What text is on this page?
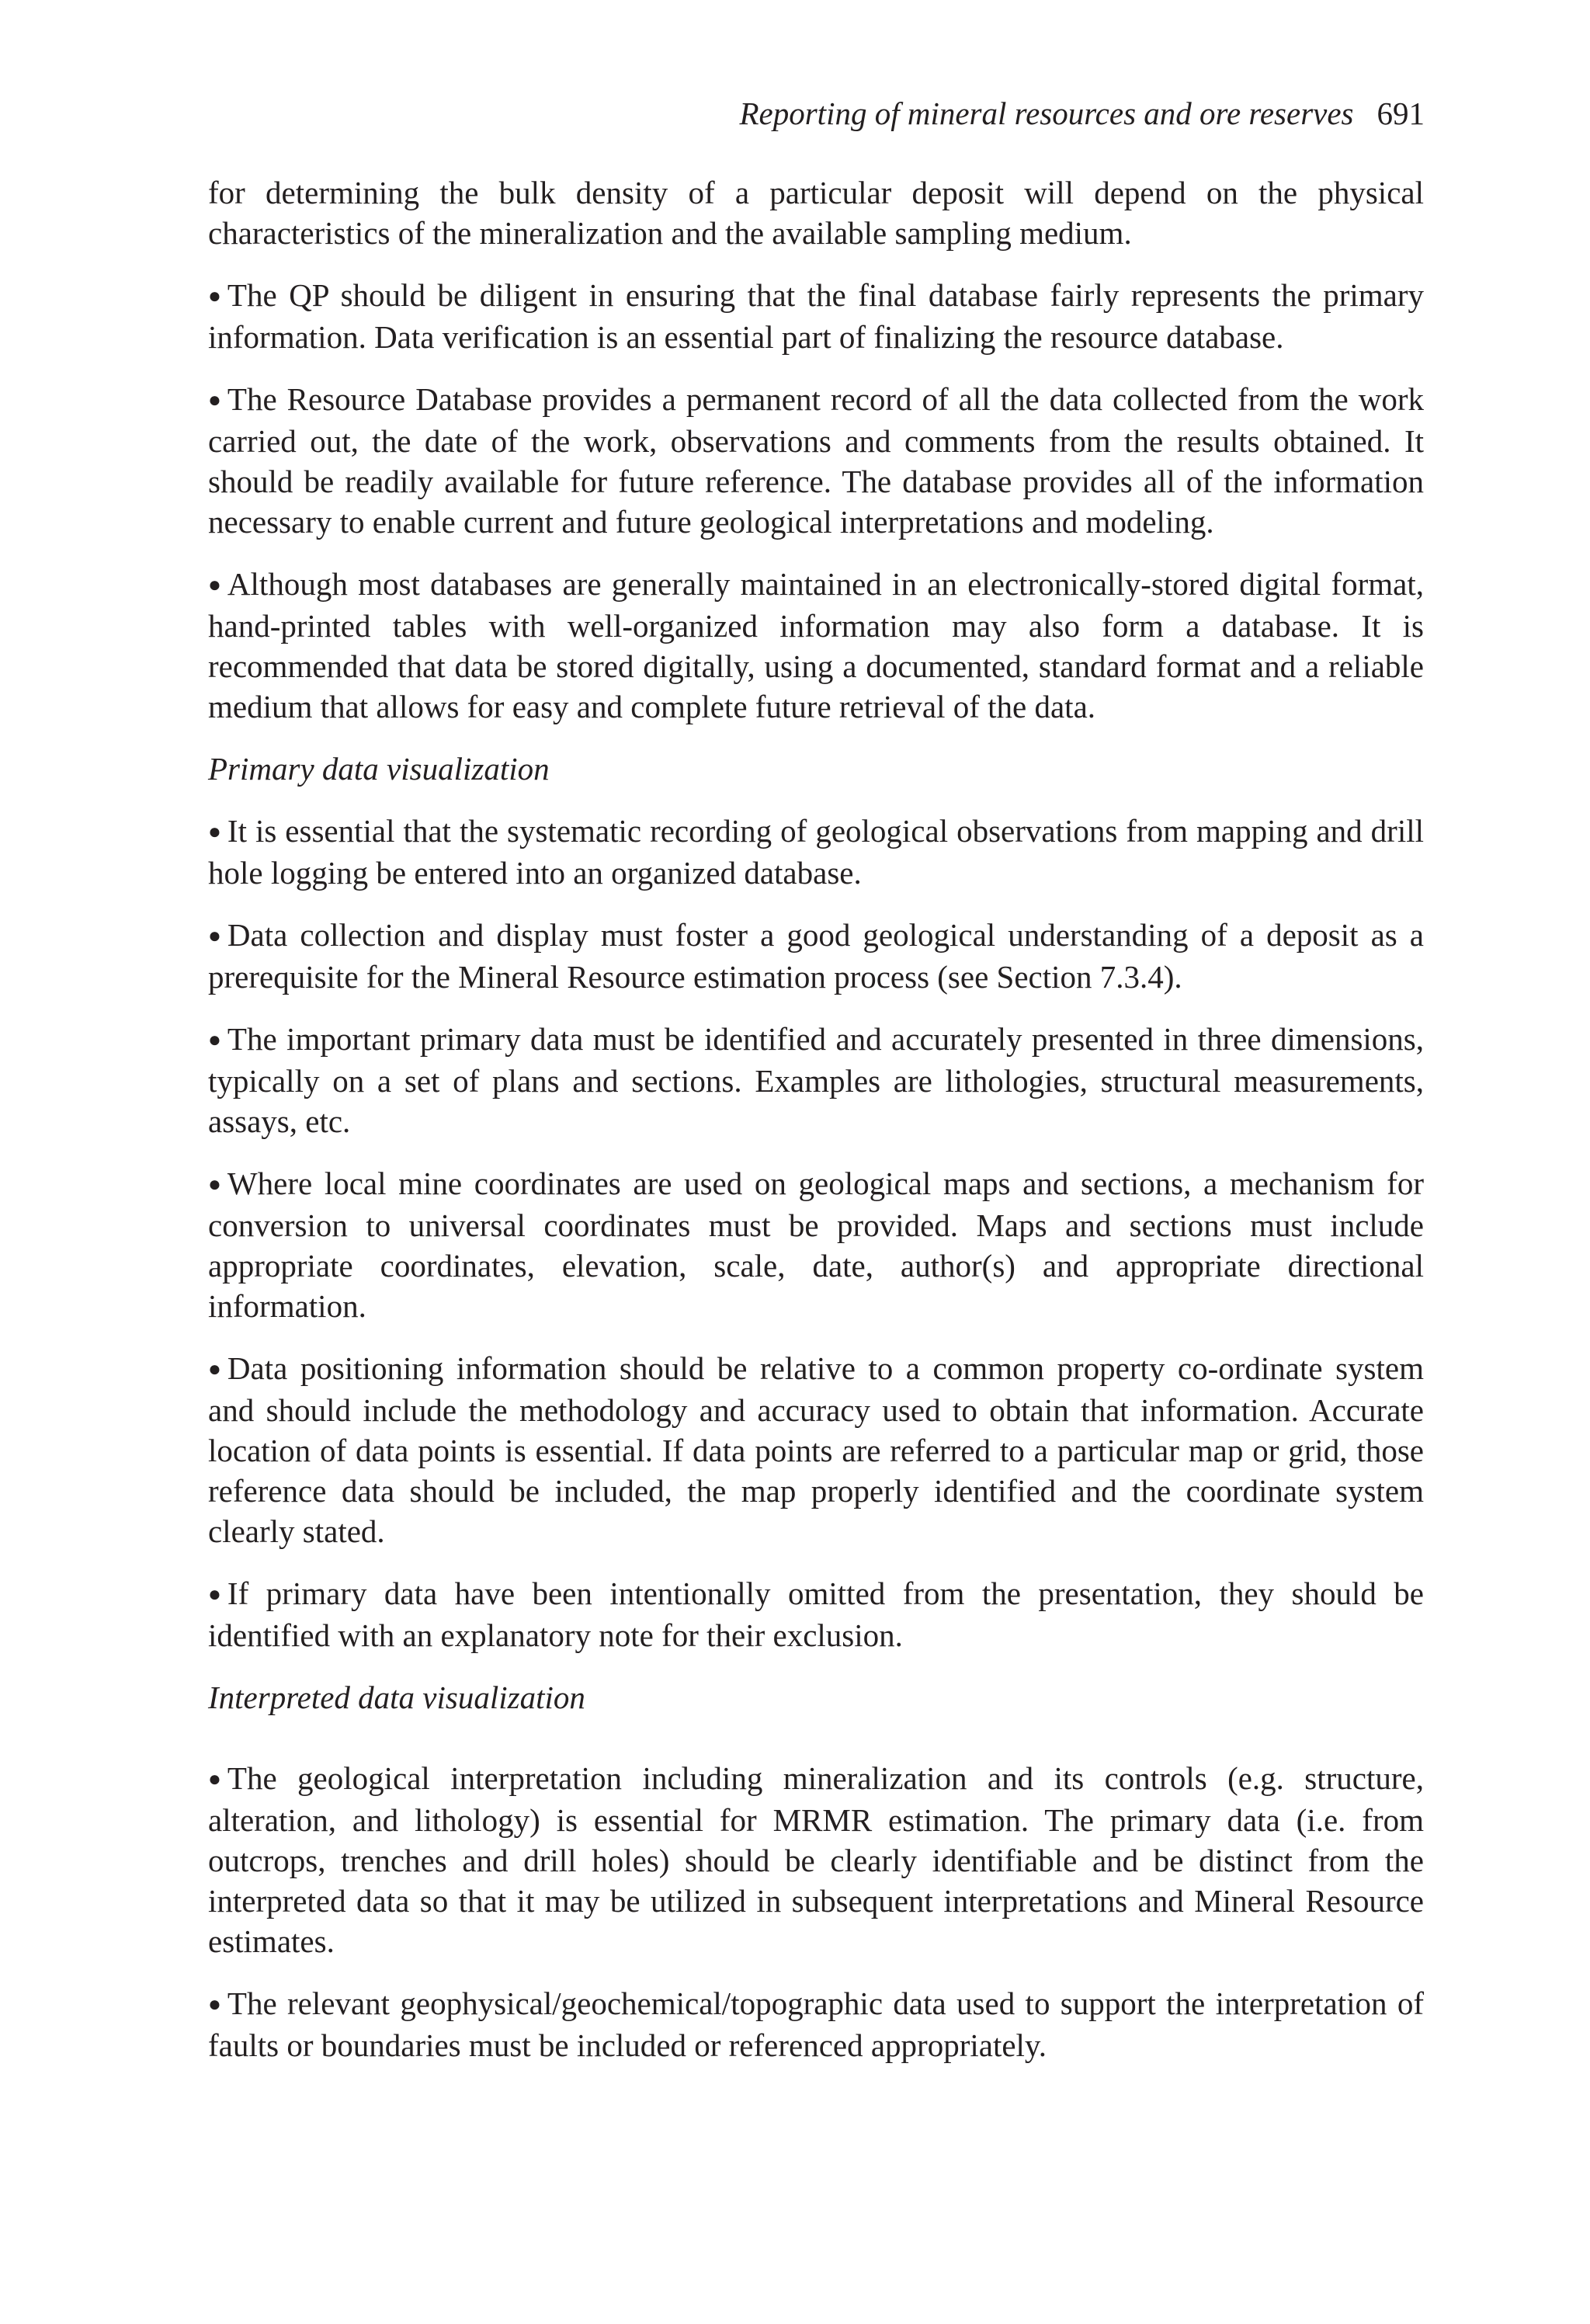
Reporting of mineral resources and ore reserves 691

for determining the bulk density of a particular deposit will depend on the physical characteristics of the mineralization and the available sampling medium.

● The QP should be diligent in ensuring that the final database fairly represents the primary information. Data verification is an essential part of finalizing the resource database.

● The Resource Database provides a permanent record of all the data collected from the work carried out, the date of the work, observations and comments from the results obtained. It should be readily available for future reference. The database provides all of the information necessary to enable current and future geological interpretations and modeling.

● Although most databases are generally maintained in an electronically-stored digital format, hand-printed tables with well-organized information may also form a database. It is recommended that data be stored digitally, using a documented, standard format and a reliable medium that allows for easy and complete future retrieval of the data.

Primary data visualization

● It is essential that the systematic recording of geological observations from mapping and drill hole logging be entered into an organized database.

● Data collection and display must foster a good geological understanding of a deposit as a prerequisite for the Mineral Resource estimation process (see Section 7.3.4).

● The important primary data must be identified and accurately presented in three dimensions, typically on a set of plans and sections. Examples are lithologies, structural measurements, assays, etc.

● Where local mine coordinates are used on geological maps and sections, a mechanism for conversion to universal coordinates must be provided. Maps and sections must include appropriate coordinates, elevation, scale, date, author(s) and appropriate directional information.

● Data positioning information should be relative to a common property co-ordinate system and should include the methodology and accuracy used to obtain that information. Accurate location of data points is essential. If data points are referred to a particular map or grid, those reference data should be included, the map properly identified and the coordinate system clearly stated.

● If primary data have been intentionally omitted from the presentation, they should be identified with an explanatory note for their exclusion.

Interpreted data visualization

● The geological interpretation including mineralization and its controls (e.g. structure, alteration, and lithology) is essential for MRMR estimation. The primary data (i.e. from outcrops, trenches and drill holes) should be clearly identifiable and be distinct from the interpreted data so that it may be utilized in subsequent interpretations and Mineral Resource estimates.

● The relevant geophysical/geochemical/topographic data used to support the interpretation of faults or boundaries must be included or referenced appropriately.
